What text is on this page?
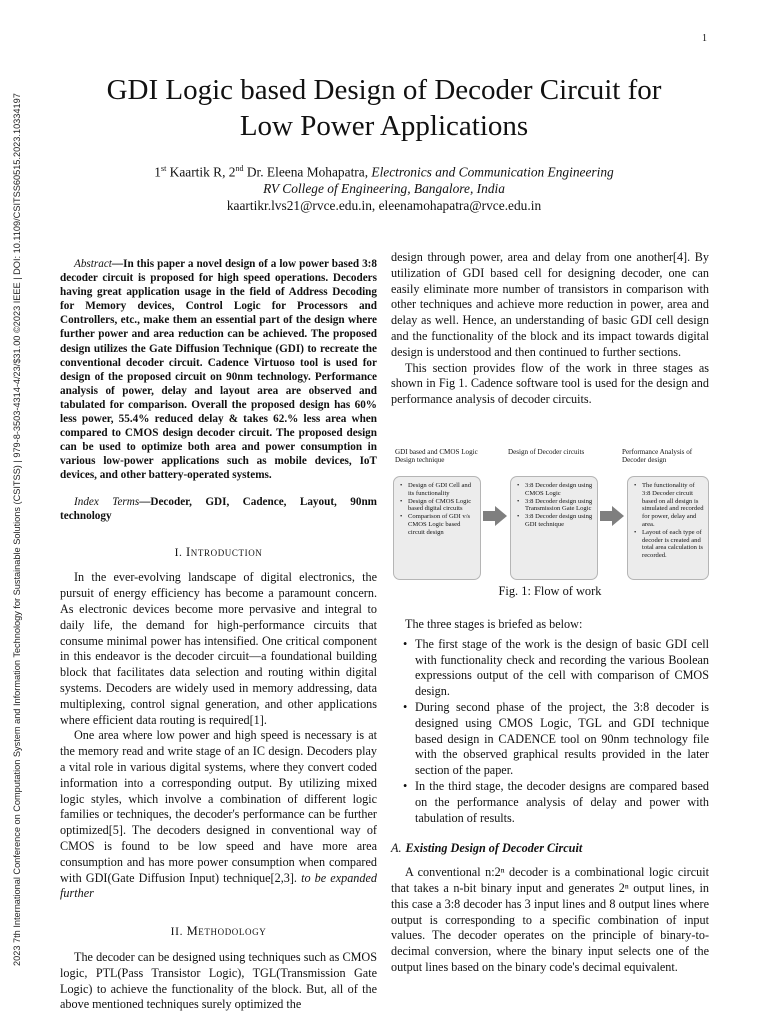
1
2023 7th International Conference on Computation System and Information Technology for Sustainable Solutions (CSITSS) | 979-8-3503-4314-4/23/$31.00 ©2023 IEEE | DOI: 10.1109/CSITSS60515.2023.10334197
GDI Logic based Design of Decoder Circuit for
Low Power Applications
1st Kaartik R, 2nd Dr. Eleena Mohapatra, Electronics and Communication Engineering
RV College of Engineering, Bangalore, India
kaartikr.lvs21@rvce.edu.in, eleenamohapatra@rvce.edu.in

Abstract—In this paper a novel design of a low power based 3:8 decoder circuit is proposed for high speed operations. Decoders having great application usage in the field of Address Decoding for Memory devices, Control Logic for Processors and Controllers, etc., make them an essential part of the design where further power and area reduction can be achieved. The proposed design utilizes the Gate Diffusion Technique (GDI) to recreate the conventional decoder circuit. Cadence Virtuoso tool is used for design of the proposed circuit on 90nm technology. Performance analysis of power, delay and layout area are observed and tabulated for comparison. Overall the proposed design has 60% less power, 55.4% reduced delay & takes 62.% less area when compared to CMOS design decoder circuit. The proposed design can be used to optimize both area and power consumption in various low-power applications such as mobile devices, IoT devices, and other battery-operated systems.

Index Terms—Decoder, GDI, Cadence, Layout, 90nm technology

I. Introduction

In the ever-evolving landscape of digital electronics, the pursuit of energy efficiency has become a paramount concern. As electronic devices become more pervasive and integral to daily life, the demand for high-performance circuits that consume minimal power has intensified. One critical component in this endeavor is the decoder circuit—a foundational building block that facilitates data selection and routing within digital systems. Decoders are widely used in memory addressing, data multiplexing, control signal generation, and other applications where efficient data routing is required[1].

One area where low power and high speed is necessary is at the memory read and write stage of an IC design. Decoders play a vital role in various digital systems, where they convert coded information into a corresponding output. By utilizing mixed logic styles, which involve a combination of different logic families or techniques, the decoder's performance can be further optimized[5]. The decoders designed in conventional way of CMOS is found to be low speed and have more area consumption and has more power consumption when compared with GDI(Gate Diffusion Input) technique[2,3]. to be expanded further

II. Methodology

The decoder can be designed using techniques such as CMOS logic, PTL(Pass Transistor Logic), TGL(Transmission Gate Logic) to achieve the functionality of the block. But, all of the above mentioned techniques surely optimized the

design through power, area and delay from one another[4]. By utilization of GDI based cell for designing decoder, one can easily eliminate more number of transistors in comparison with other techniques and achieve more reduction in power, area and delay as well. Hence, an understanding of basic GDI cell design and the functionality of the block and its impact towards digital design is understood and then continued to further sections.

This section provides flow of the work in three stages as shown in Fig 1. Cadence software tool is used for the design and performance analysis of decoder circuits.

GDI based and CMOS Logic Design technique
Design of Decoder circuits	Performance Analysis of Decoder design
• Design of GDI Cell and its functionality
• Design of CMOS Logic based digital circuits
• Comparison of GDI v/s CMOS Logic based circuit design
• 3:8 Decoder design using CMOS Logic
• 3:8 Decoder design using Transmission Gate Logic
• 3:8 Decoder design using GDI technique
• The functionality of 3:8 Decoder circuit based on all design is simulated and recorded for power, delay and area.
• Layout of each type of decoder is created and total area calculation is recorded.
Fig. 1: Flow of work

The three stages is briefed as below:

• The first stage of the work is the design of basic GDI cell with functionality check and recording the various Boolean expressions output of the cell with comparison of CMOS design.
• During second phase of the project, the 3:8 decoder is designed using CMOS Logic, TGL and GDI technique based design in CADENCE tool on 90nm technology file with the observed graphical results provided in the later section of the paper.
• In the third stage, the decoder designs are compared based on the performance analysis of delay and power with tabulation of results.

A. Existing Design of Decoder Circuit

A conventional n:2ⁿ decoder is a combinational logic circuit that takes a n-bit binary input and generates 2ⁿ output lines, in this case a 3:8 decoder has 3 input lines and 8 output lines where output is corresponding to a specific combination of input values. The decoder operates on the principle of binary-to-decimal conversion, where the binary input selects one of the output lines based on the binary code's decimal equivalent.
